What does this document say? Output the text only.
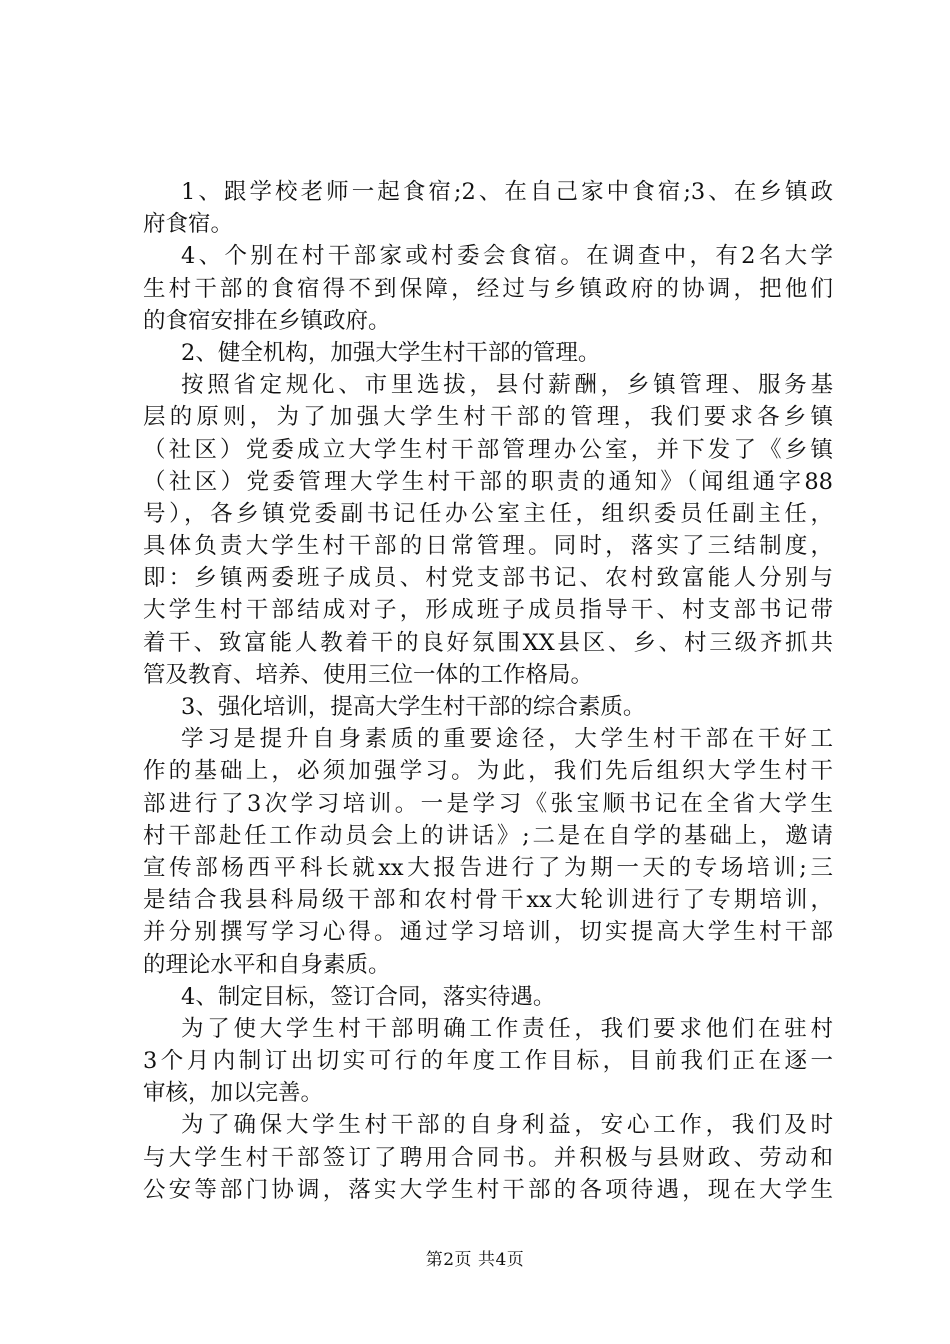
1、跟学校老师一起食宿;2、在自己家中食宿;3、在乡镇政
府食宿。
4、个别在村干部家或村委会食宿。在调查中，有2名大学
生村干部的食宿得不到保障，经过与乡镇政府的协调，把他们
的食宿安排在乡镇政府。
2、健全机构，加强大学生村干部的管理。
按照省定规化、市里选拔，县付薪酬，乡镇管理、服务基
层的原则，为了加强大学生村干部的管理，我们要求各乡镇
（社区）党委成立大学生村干部管理办公室，并下发了《乡镇
（社区）党委管理大学生村干部的职责的通知》（闻组通字88
号），各乡镇党委副书记任办公室主任，组织委员任副主任，
具体负责大学生村干部的日常管理。同时，落实了三结制度，
即：乡镇两委班子成员、村党支部书记、农村致富能人分别与
大学生村干部结成对子，形成班子成员指导干、村支部书记带
着干、致富能人教着干的良好氛围XX县区、乡、村三级齐抓共
管及教育、培养、使用三位一体的工作格局。
3、强化培训，提高大学生村干部的综合素质。
学习是提升自身素质的重要途径，大学生村干部在干好工
作的基础上，必须加强学习。为此，我们先后组织大学生村干
部进行了3次学习培训。一是学习《张宝顺书记在全省大学生
村干部赴任工作动员会上的讲话》;二是在自学的基础上，邀请
宣传部杨西平科长就xx大报告进行了为期一天的专场培训;三
是结合我县科局级干部和农村骨干xx大轮训进行了专期培训，
并分别撰写学习心得。通过学习培训，切实提高大学生村干部
的理论水平和自身素质。
4、制定目标，签订合同，落实待遇。
为了使大学生村干部明确工作责任，我们要求他们在驻村
3个月内制订出切实可行的年度工作目标，目前我们正在逐一
审核，加以完善。
为了确保大学生村干部的自身利益，安心工作，我们及时
与大学生村干部签订了聘用合同书。并积极与县财政、劳动和
公安等部门协调，落实大学生村干部的各项待遇，现在大学生
第2页 共4页
